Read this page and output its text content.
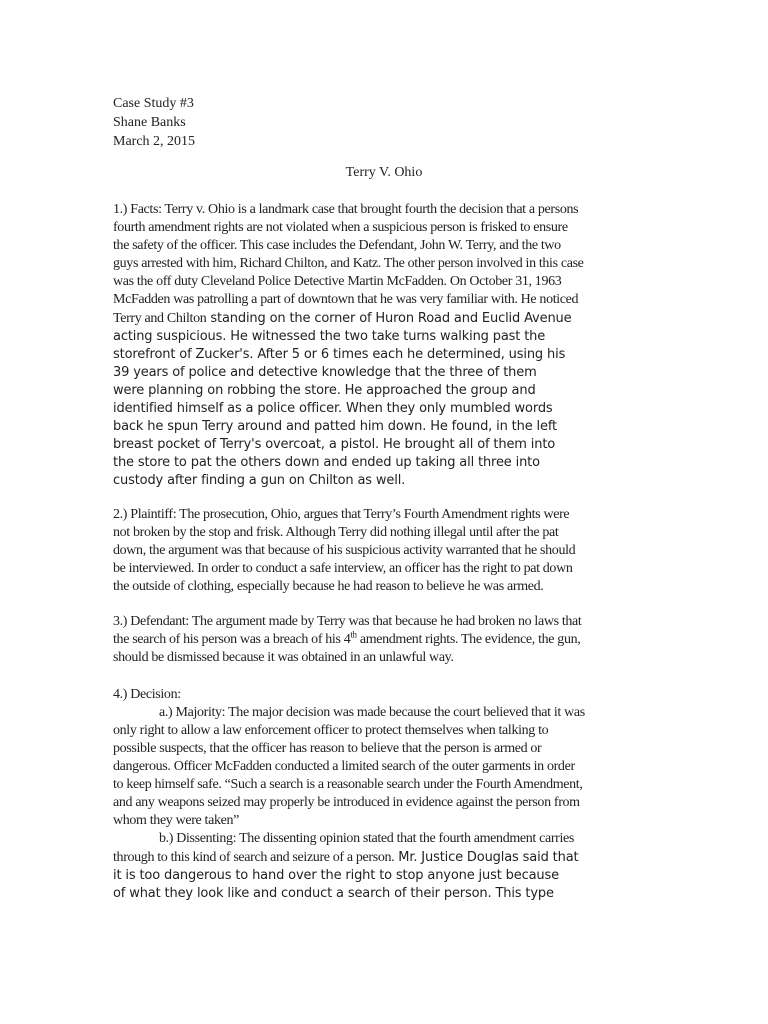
Case Study #3
Shane Banks
March 2, 2015
Terry V. Ohio
1.) Facts: Terry v. Ohio is a landmark case that brought fourth the decision that a persons
fourth amendment rights are not violated when a suspicious person is frisked to ensure
the safety of the officer. This case includes the Defendant, John W. Terry, and the two
guys arrested with him, Richard Chilton, and Katz. The other person involved in this case
was the off duty Cleveland Police Detective Martin McFadden. On October 31, 1963
McFadden was patrolling a part of downtown that he was very familiar with. He noticed
Terry and Chilton standing on the corner of Huron Road and Euclid Avenue
acting suspicious. He witnessed the two take turns walking past the
storefront of Zucker's. After 5 or 6 times each he determined, using his
39 years of police and detective knowledge that the three of them
were planning on robbing the store. He approached the group and
identified himself as a police officer. When they only mumbled words
back he spun Terry around and patted him down. He found, in the left
breast pocket of Terry's overcoat, a pistol. He brought all of them into
the store to pat the others down and ended up taking all three into
custody after finding a gun on Chilton as well.
2.) Plaintiff: The prosecution, Ohio, argues that Terry’s Fourth Amendment rights were
not broken by the stop and frisk. Although Terry did nothing illegal until after the pat
down, the argument was that because of his suspicious activity warranted that he should
be interviewed. In order to conduct a safe interview, an officer has the right to pat down
the outside of clothing, especially because he had reason to believe he was armed.
3.) Defendant: The argument made by Terry was that because he had broken no laws that
the search of his person was a breach of his 4th amendment rights. The evidence, the gun,
should be dismissed because it was obtained in an unlawful way.
4.) Decision:
a.) Majority: The major decision was made because the court believed that it was
only right to allow a law enforcement officer to protect themselves when talking to
possible suspects, that the officer has reason to believe that the person is armed or
dangerous. Officer McFadden conducted a limited search of the outer garments in order
to keep himself safe. “Such a search is a reasonable search under the Fourth Amendment,
and any weapons seized may properly be introduced in evidence against the person from
whom they were taken”
b.) Dissenting: The dissenting opinion stated that the fourth amendment carries
through to this kind of search and seizure of a person. Mr. Justice Douglas said that
it is too dangerous to hand over the right to stop anyone just because
of what they look like and conduct a search of their person. This type
